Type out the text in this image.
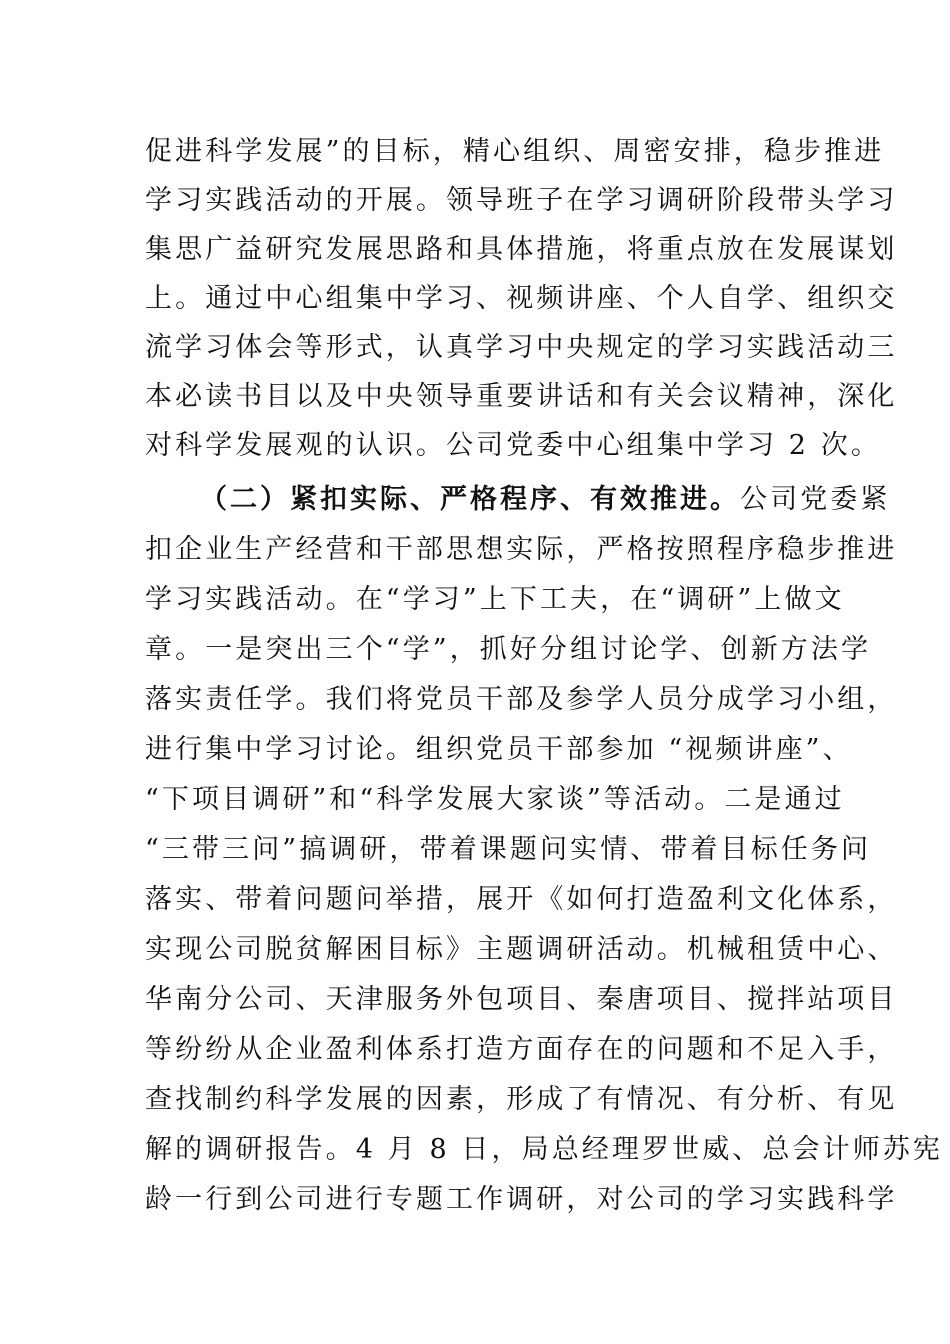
促进科学发展”的目标，精心组织、周密安排，稳步推进
学习实践活动的开展。领导班子在学习调研阶段带头学习
集思广益研究发展思路和具体措施，将重点放在发展谋划
上。通过中心组集中学习、视频讲座、个人自学、组织交
流学习体会等形式，认真学习中央规定的学习实践活动三
本必读书目以及中央领导重要讲话和有关会议精神，深化
对科学发展观的认识。公司党委中心组集中学习 2 次。
（二）紧扣实际、严格程序、有效推进。公司党委紧
扣企业生产经营和干部思想实际，严格按照程序稳步推进
学习实践活动。在“学习”上下工夫，在“调研”上做文
章。一是突出三个“学”，抓好分组讨论学、创新方法学
落实责任学。我们将党员干部及参学人员分成学习小组，
进行集中学习讨论。组织党员干部参加 “视频讲座”、
“下项目调研”和“科学发展大家谈”等活动。二是通过
“三带三问”搞调研，带着课题问实情、带着目标任务问
落实、带着问题问举措，展开《如何打造盈利文化体系，
实现公司脱贫解困目标》主题调研活动。机械租赁中心、
华南分公司、天津服务外包项目、秦唐项目、搅拌站项目
等纷纷从企业盈利体系打造方面存在的问题和不足入手，
查找制约科学发展的因素，形成了有情况、有分析、有见
解的调研报告。4 月 8 日，局总经理罗世威、总会计师苏宪
龄一行到公司进行专题工作调研，对公司的学习实践科学
